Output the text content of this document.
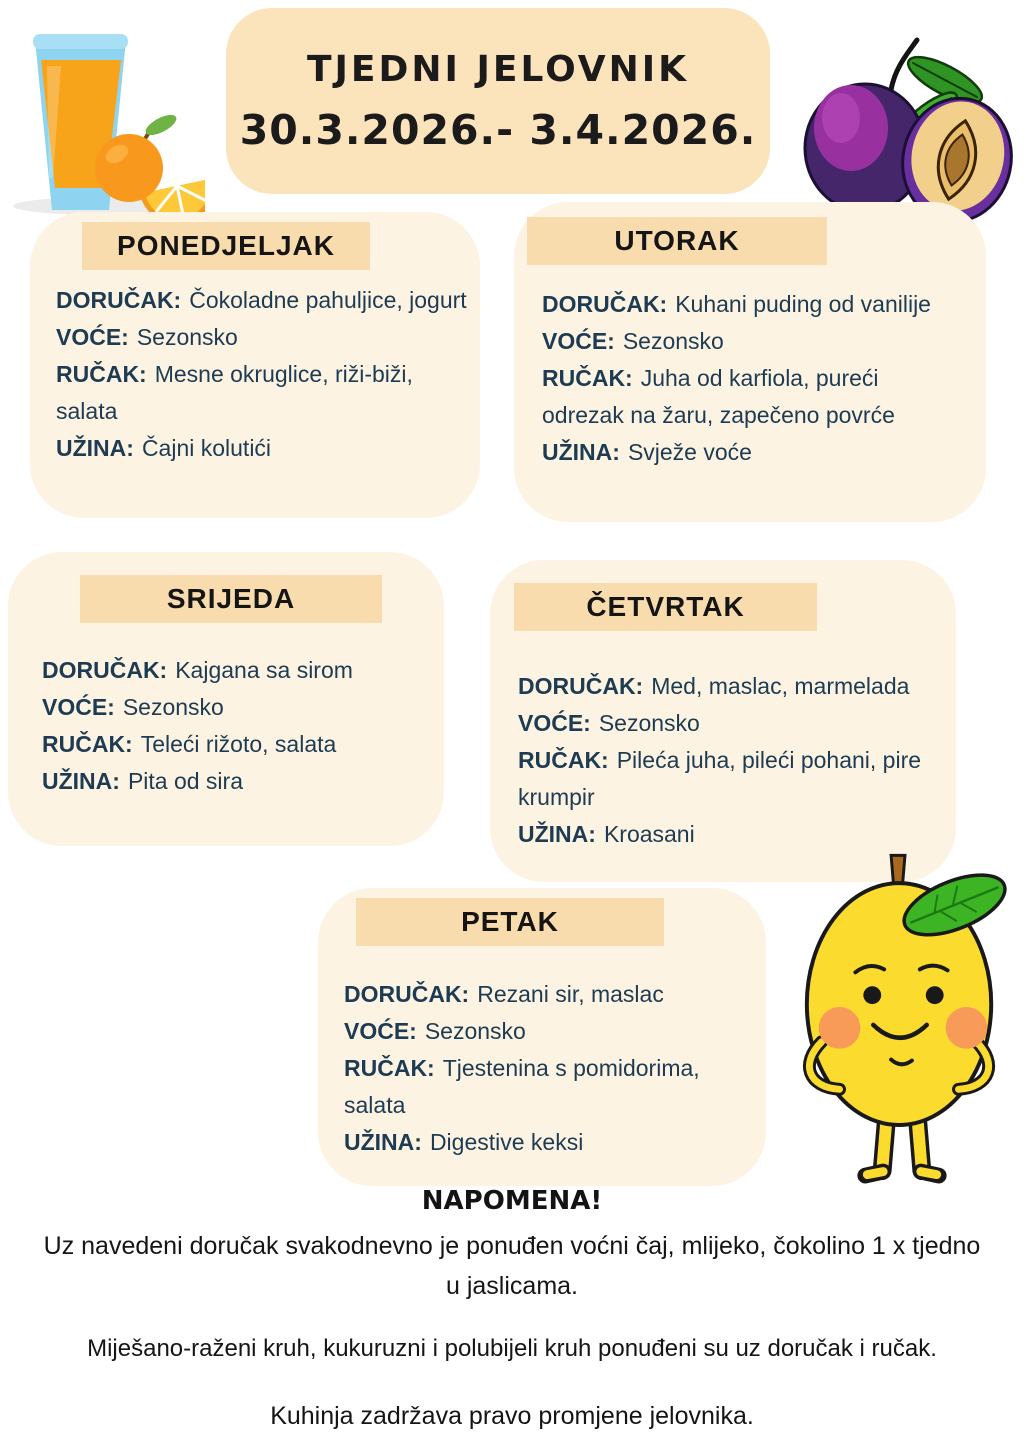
TJEDNI JELOVNIK
30.3.2026.- 3.4.2026.
PONEDJELJAK

DORUČAK: Čokoladne pahuljice, jogurt

VOĆE: Sezonsko

RUČAK: Mesne okruglice, riži-biži, salata

UŽINA: Čajni kolutići

UTORAK

DORUČAK: Kuhani puding od vanilije

VOĆE: Sezonsko

RUČAK: Juha od karfiola, pureći odrezak na žaru, zapečeno povrće

UŽINA: Svježe voće

SRIJEDA

DORUČAK: Kajgana sa sirom

VOĆE: Sezonsko

RUČAK: Teleći rižoto, salata

UŽINA: Pita od sira

ČETVRTAK

DORUČAK: Med, maslac, marmelada

VOĆE: Sezonsko

RUČAK: Pileća juha, pileći pohani, pire krumpir

UŽINA: Kroasani

PETAK

DORUČAK: Rezani sir, maslac

VOĆE: Sezonsko

RUČAK: Tjestenina s pomidorima, salata

UŽINA: Digestive keksi

NAPOMENA!
Uz navedeni doručak svakodnevno je ponuđen voćni čaj, mlijeko, čokolino 1 x tjedno u jaslicama.
Miješano-raženi kruh, kukuruzni i polubijeli kruh ponuđeni su uz doručak i ručak.
Kuhinja zadržava pravo promjene jelovnika.
